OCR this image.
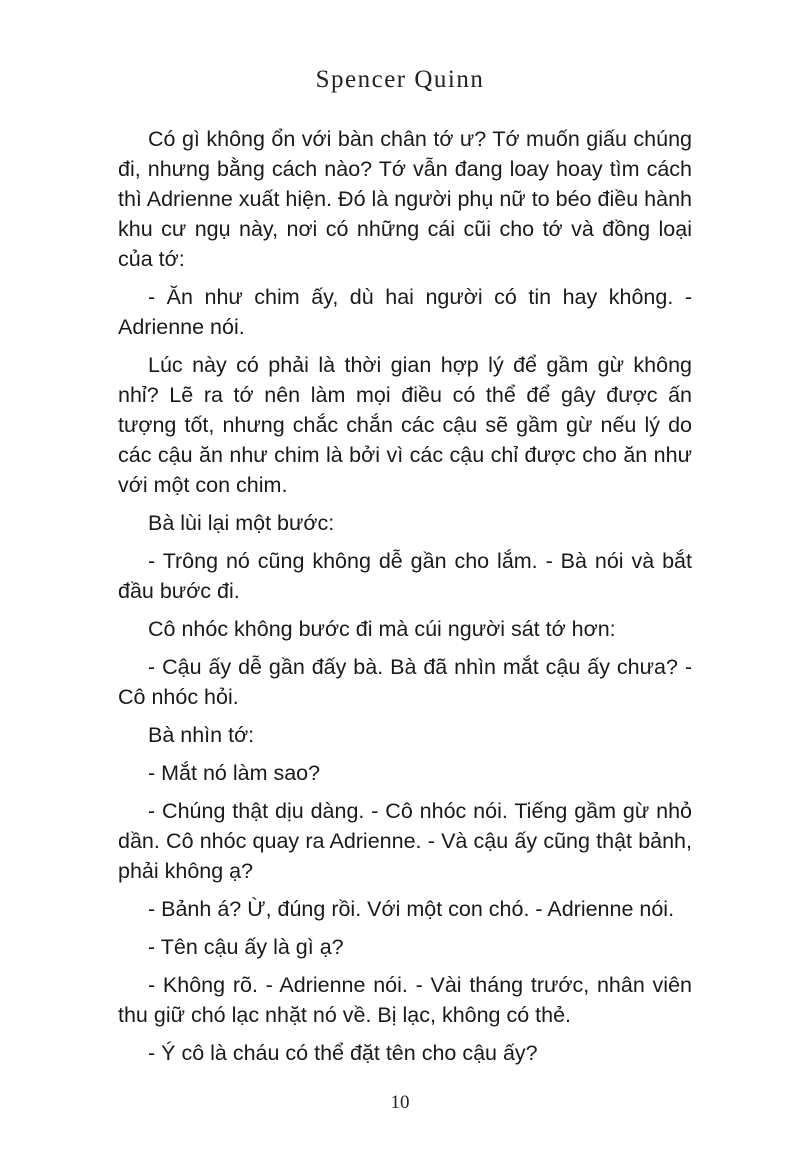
Spencer Quinn

Có gì không ổn với bàn chân tớ ư? Tớ muốn giấu chúng đi, nhưng bằng cách nào? Tớ vẫn đang loay hoay tìm cách thì Adrienne xuất hiện. Đó là người phụ nữ to béo điều hành khu cư ngụ này, nơi có những cái cũi cho tớ và đồng loại của tớ:

- Ăn như chim ấy, dù hai người có tin hay không. - Adrienne nói.

Lúc này có phải là thời gian hợp lý để gầm gừ không nhỉ? Lẽ ra tớ nên làm mọi điều có thể để gây được ấn tượng tốt, nhưng chắc chắn các cậu sẽ gầm gừ nếu lý do các cậu ăn như chim là bởi vì các cậu chỉ được cho ăn như với một con chim.

Bà lùi lại một bước:

- Trông nó cũng không dễ gần cho lắm. - Bà nói và bắt đầu bước đi.

Cô nhóc không bước đi mà cúi người sát tớ hơn:

- Cậu ấy dễ gần đấy bà. Bà đã nhìn mắt cậu ấy chưa? - Cô nhóc hỏi.

Bà nhìn tớ:

- Mắt nó làm sao?

- Chúng thật dịu dàng. - Cô nhóc nói. Tiếng gầm gừ nhỏ dần. Cô nhóc quay ra Adrienne. - Và cậu ấy cũng thật bảnh, phải không ạ?

- Bảnh á? Ừ, đúng rồi. Với một con chó. - Adrienne nói.

- Tên cậu ấy là gì ạ?

- Không rõ. - Adrienne nói. - Vài tháng trước, nhân viên thu giữ chó lạc nhặt nó về. Bị lạc, không có thẻ.

- Ý cô là cháu có thể đặt tên cho cậu ấy?

10
